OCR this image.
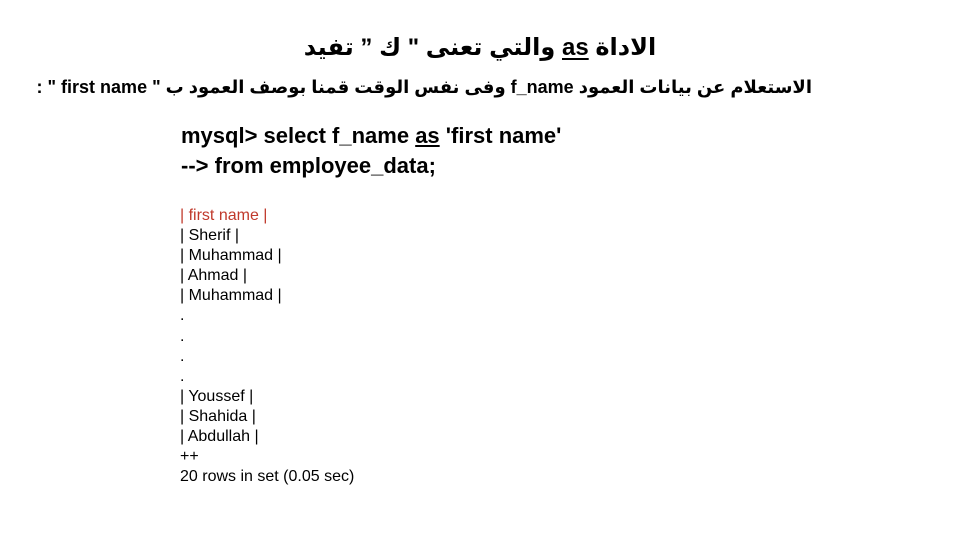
الاداة as والتي تعنى " ك ” تفيد
الاستعلام عن بيانات العمود f_name وفى نفس الوقت قمنا بوصف العمود ب : " first name "
mysql> select f_name as 'first name'
--> from employee_data;
| first name |
| Sherif |
| Muhammad |
| Ahmad |
| Muhammad |
.
.
.
.
| Youssef |
| Shahida |
| Abdullah |
++
20 rows in set (0.05 sec)
